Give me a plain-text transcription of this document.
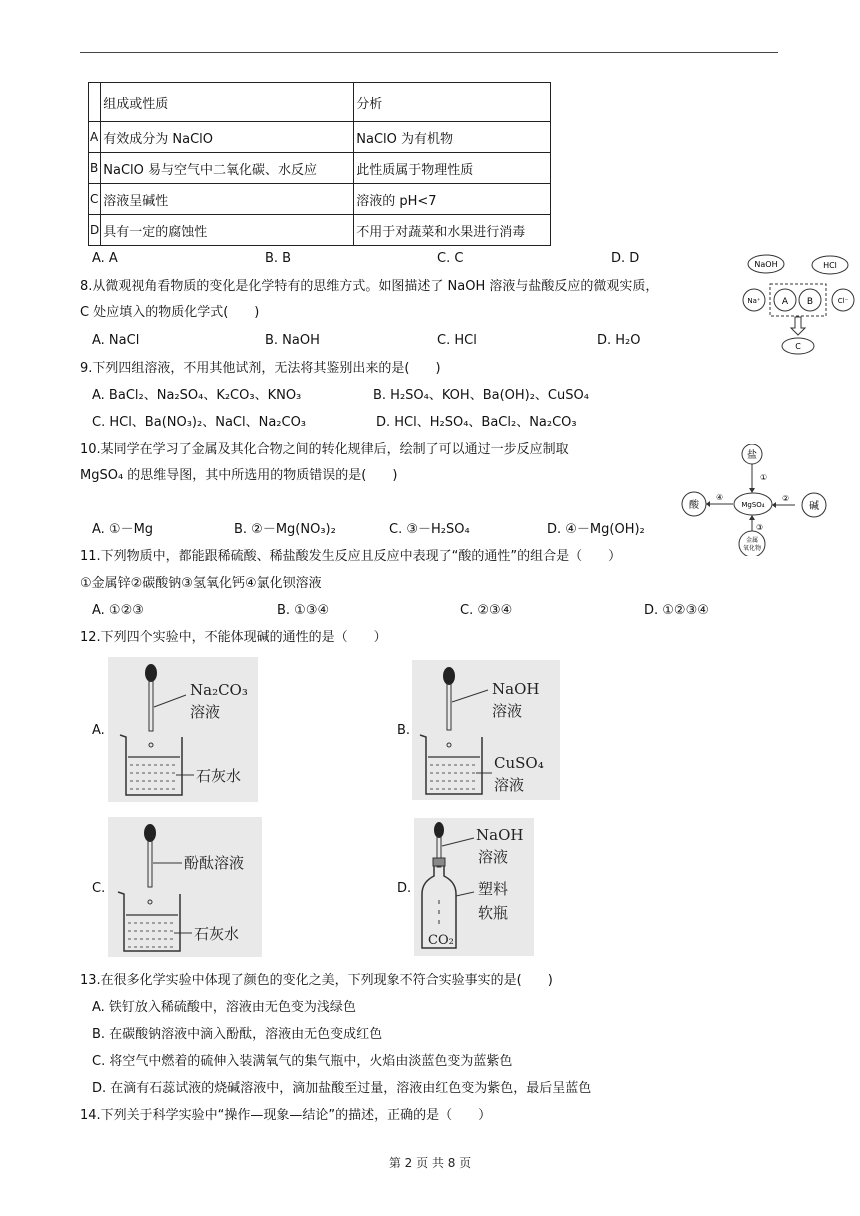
	组成或性质	分析
A	有效成分为 NaClO	NaClO 为有机物
B	NaClO 易与空气中二氧化碳、水反应	此性质属于物理性质
C	溶液呈碱性	溶液的 pH<7
D	具有一定的腐蚀性	不用于对蔬菜和水果进行消毒
A. A	B. B	C. C	D. D
8.从微观视角看物质的变化是化学特有的思维方式。如图描述了 NaOH 溶液与盐酸反应的微观实质，
C 处应填入的物质化学式(　　)
A. NaCl	B. NaOH	C. HCl	D. H₂O
NaOH	HCl
Na⁺ A B	Cl⁻
C
9.下列四组溶液，不用其他试剂，无法将其鉴别出来的是(　　)
A. BaCl₂、Na₂SO₄、K₂CO₃、KNO₃	B. H₂SO₄、KOH、Ba(OH)₂、CuSO₄
C. HCl、Ba(NO₃)₂、NaCl、Na₂CO₃	D. HCl、H₂SO₄、BaCl₂、Na₂CO₃
10.某同学在学习了金属及其化合物之间的转化规律后，绘制了可以通过一步反应制取
MgSO₄ 的思维导图，其中所选用的物质错误的是(　　)
A. ①－Mg	B. ②－Mg(NO₃)₂	C. ③－H₂SO₄	D. ④－Mg(OH)₂
盐
MgSO₄
酸	碱
金属
氧化物
①
②
③
④
11.下列物质中，都能跟稀硫酸、稀盐酸发生反应且反应中表现了“酸的通性”的组合是（　　）
①金属锌②碳酸钠③氢氧化钙④氯化钡溶液
A. ①②③	B. ①③④	C. ②③④	D. ①②③④
12.下列四个实验中，不能体现碱的通性的是（　　）
A.
Na₂CO₃
溶液
石灰水
B.
NaOH
溶液
CuSO₄
溶液
C.
酚酞溶液
石灰水
D.
NaOH
溶液
塑料
软瓶
CO₂
13.在很多化学实验中体现了颜色的变化之美，下列现象不符合实验事实的是(　　)
A. 铁钉放入稀硫酸中，溶液由无色变为浅绿色
B. 在碳酸钠溶液中滴入酚酞，溶液由无色变成红色
C. 将空气中燃着的硫伸入装满氧气的集气瓶中，火焰由淡蓝色变为蓝紫色
D. 在滴有石蕊试液的烧碱溶液中，滴加盐酸至过量，溶液由红色变为紫色，最后呈蓝色
14.下列关于科学实验中“操作—现象—结论”的描述，正确的是（　　）
第 2 页 共 8 页
